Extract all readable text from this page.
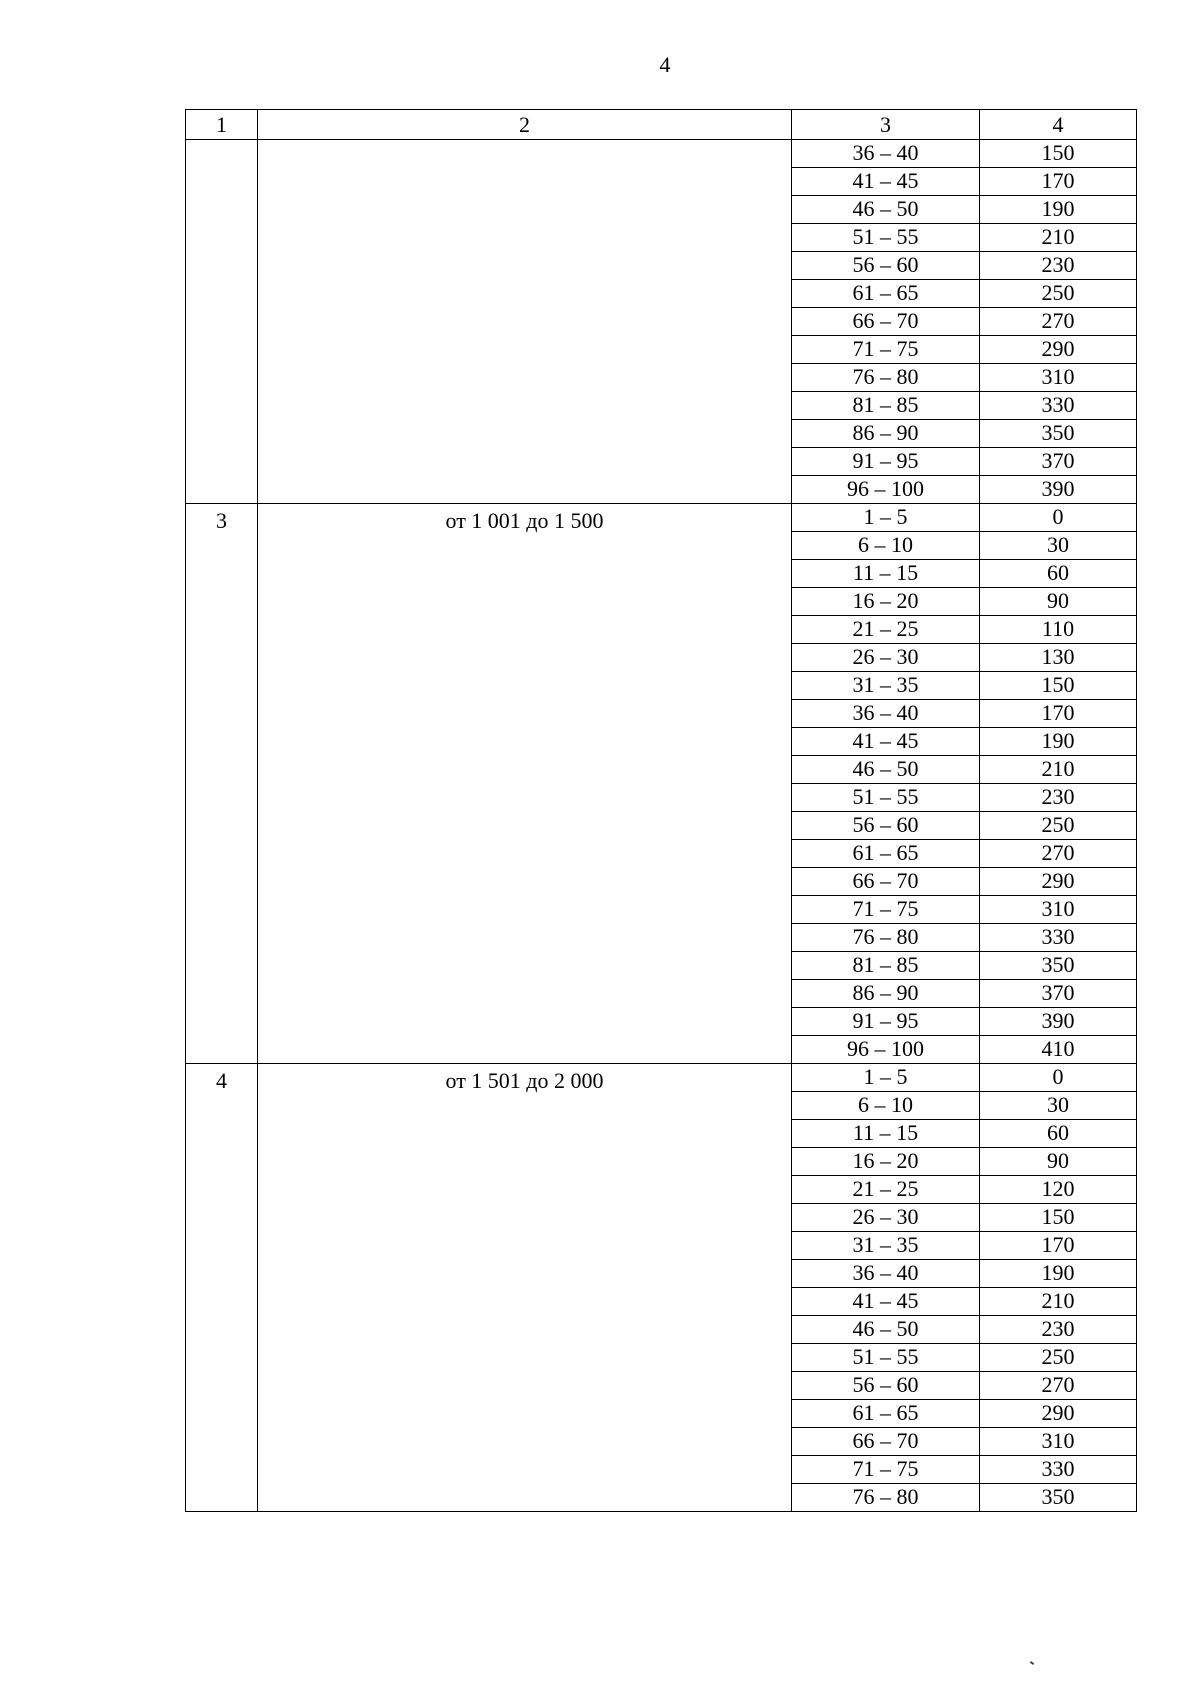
4
1	2	3	4
		36 – 40	150
		41 – 45	170
		46 – 50	190
		51 – 55	210
		56 – 60	230
		61 – 65	250
		66 – 70	270
		71 – 75	290
		76 – 80	310
		81 – 85	330
		86 – 90	350
		91 – 95	370
		96 – 100	390
3	от 1 001 до 1 500	1 – 5	0
		6 – 10	30
		11 – 15	60
		16 – 20	90
		21 – 25	110
		26 – 30	130
		31 – 35	150
		36 – 40	170
		41 – 45	190
		46 – 50	210
		51 – 55	230
		56 – 60	250
		61 – 65	270
		66 – 70	290
		71 – 75	310
		76 – 80	330
		81 – 85	350
		86 – 90	370
		91 – 95	390
		96 – 100	410
4	от 1 501 до 2 000	1 – 5	0
		6 – 10	30
		11 – 15	60
		16 – 20	90
		21 – 25	120
		26 – 30	150
		31 – 35	170
		36 – 40	190
		41 – 45	210
		46 – 50	230
		51 – 55	250
		56 – 60	270
		61 – 65	290
		66 – 70	310
		71 – 75	330
		76 – 80	350
